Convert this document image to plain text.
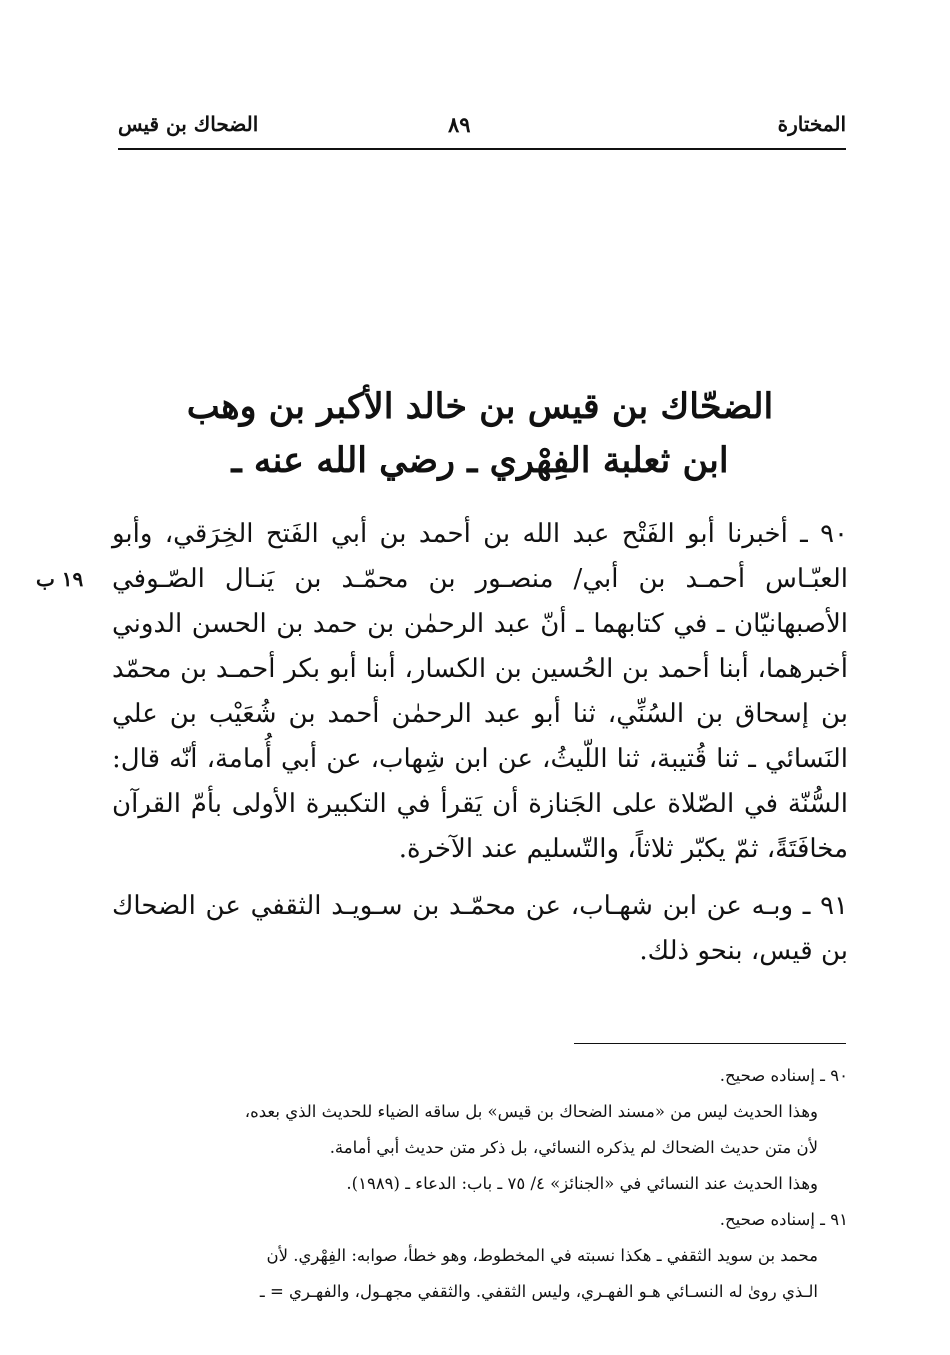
المختارة
٨٩
الضحاك بن قيس
الضحّاك بن قيس بن خالد الأكبر بن وهب
ابن ثعلبة الفِهْري ـ رضي الله عنه ـ

٩٠ ـ أخبرنا أبو الفَتْح عبد الله بن أحمد بن أبي الفَتح الخِرَقي، وأبو العبّـاس أحمـد بن أبي/ منصـور بن محمّـد بن يَنـال الصّـوفي الأصبهانيّان ـ في كتابهما ـ أنّ عبد الرحمٰن بن حمد بن الحسن الدوني أخبرهما، أبنا أحمد بن الحُسين بن الكسار، أبنا أبو بكر أحمـد بن محمّد بن إسحاق بن السُنِّي، ثنا أبو عبد الرحمٰن أحمد بن شُعَيْب بن علي النَسائي ـ ثنا قُتيبة، ثنا اللّيثُ، عن ابن شِهاب، عن أبي أُمامة، أنّه قال: السُّنّة في الصّلاة على الجَنازة أن يَقرأ في التكبيرة الأولى بأمّ القرآن مخافَتَةً، ثمّ يكبّر ثلاثاً، والتّسليم عند الآخرة.

٩١ ـ وبـه عن ابن شهـاب، عن محمّـد بن سـويـد الثقفي عن الضحاك بن قيس، بنحو ذلك.

١٩ ب
٩٠ ـ إسناده صحيح.
وهذا الحديث ليس من «مسند الضحاك بن قيس» بل ساقه الضياء للحديث الذي بعده،
لأن متن حديث الضحاك لم يذكره النسائي، بل ذكر متن حديث أبي أمامة.
وهذا الحديث عند النسائي في «الجنائز» ٤/ ٧٥ ـ باب: الدعاء ـ (١٩٨٩).
٩١ ـ إسناده صحيح.
محمد بن سويد الثقفي ـ هكذا نسبته في المخطوط، وهو خطأ، صوابه: الفِهْري. لأن
الـذي روىٰ له النسـائي هـو الفهـري، وليس الثقفي. والثقفي مجهـول، والفهـري = ـ
